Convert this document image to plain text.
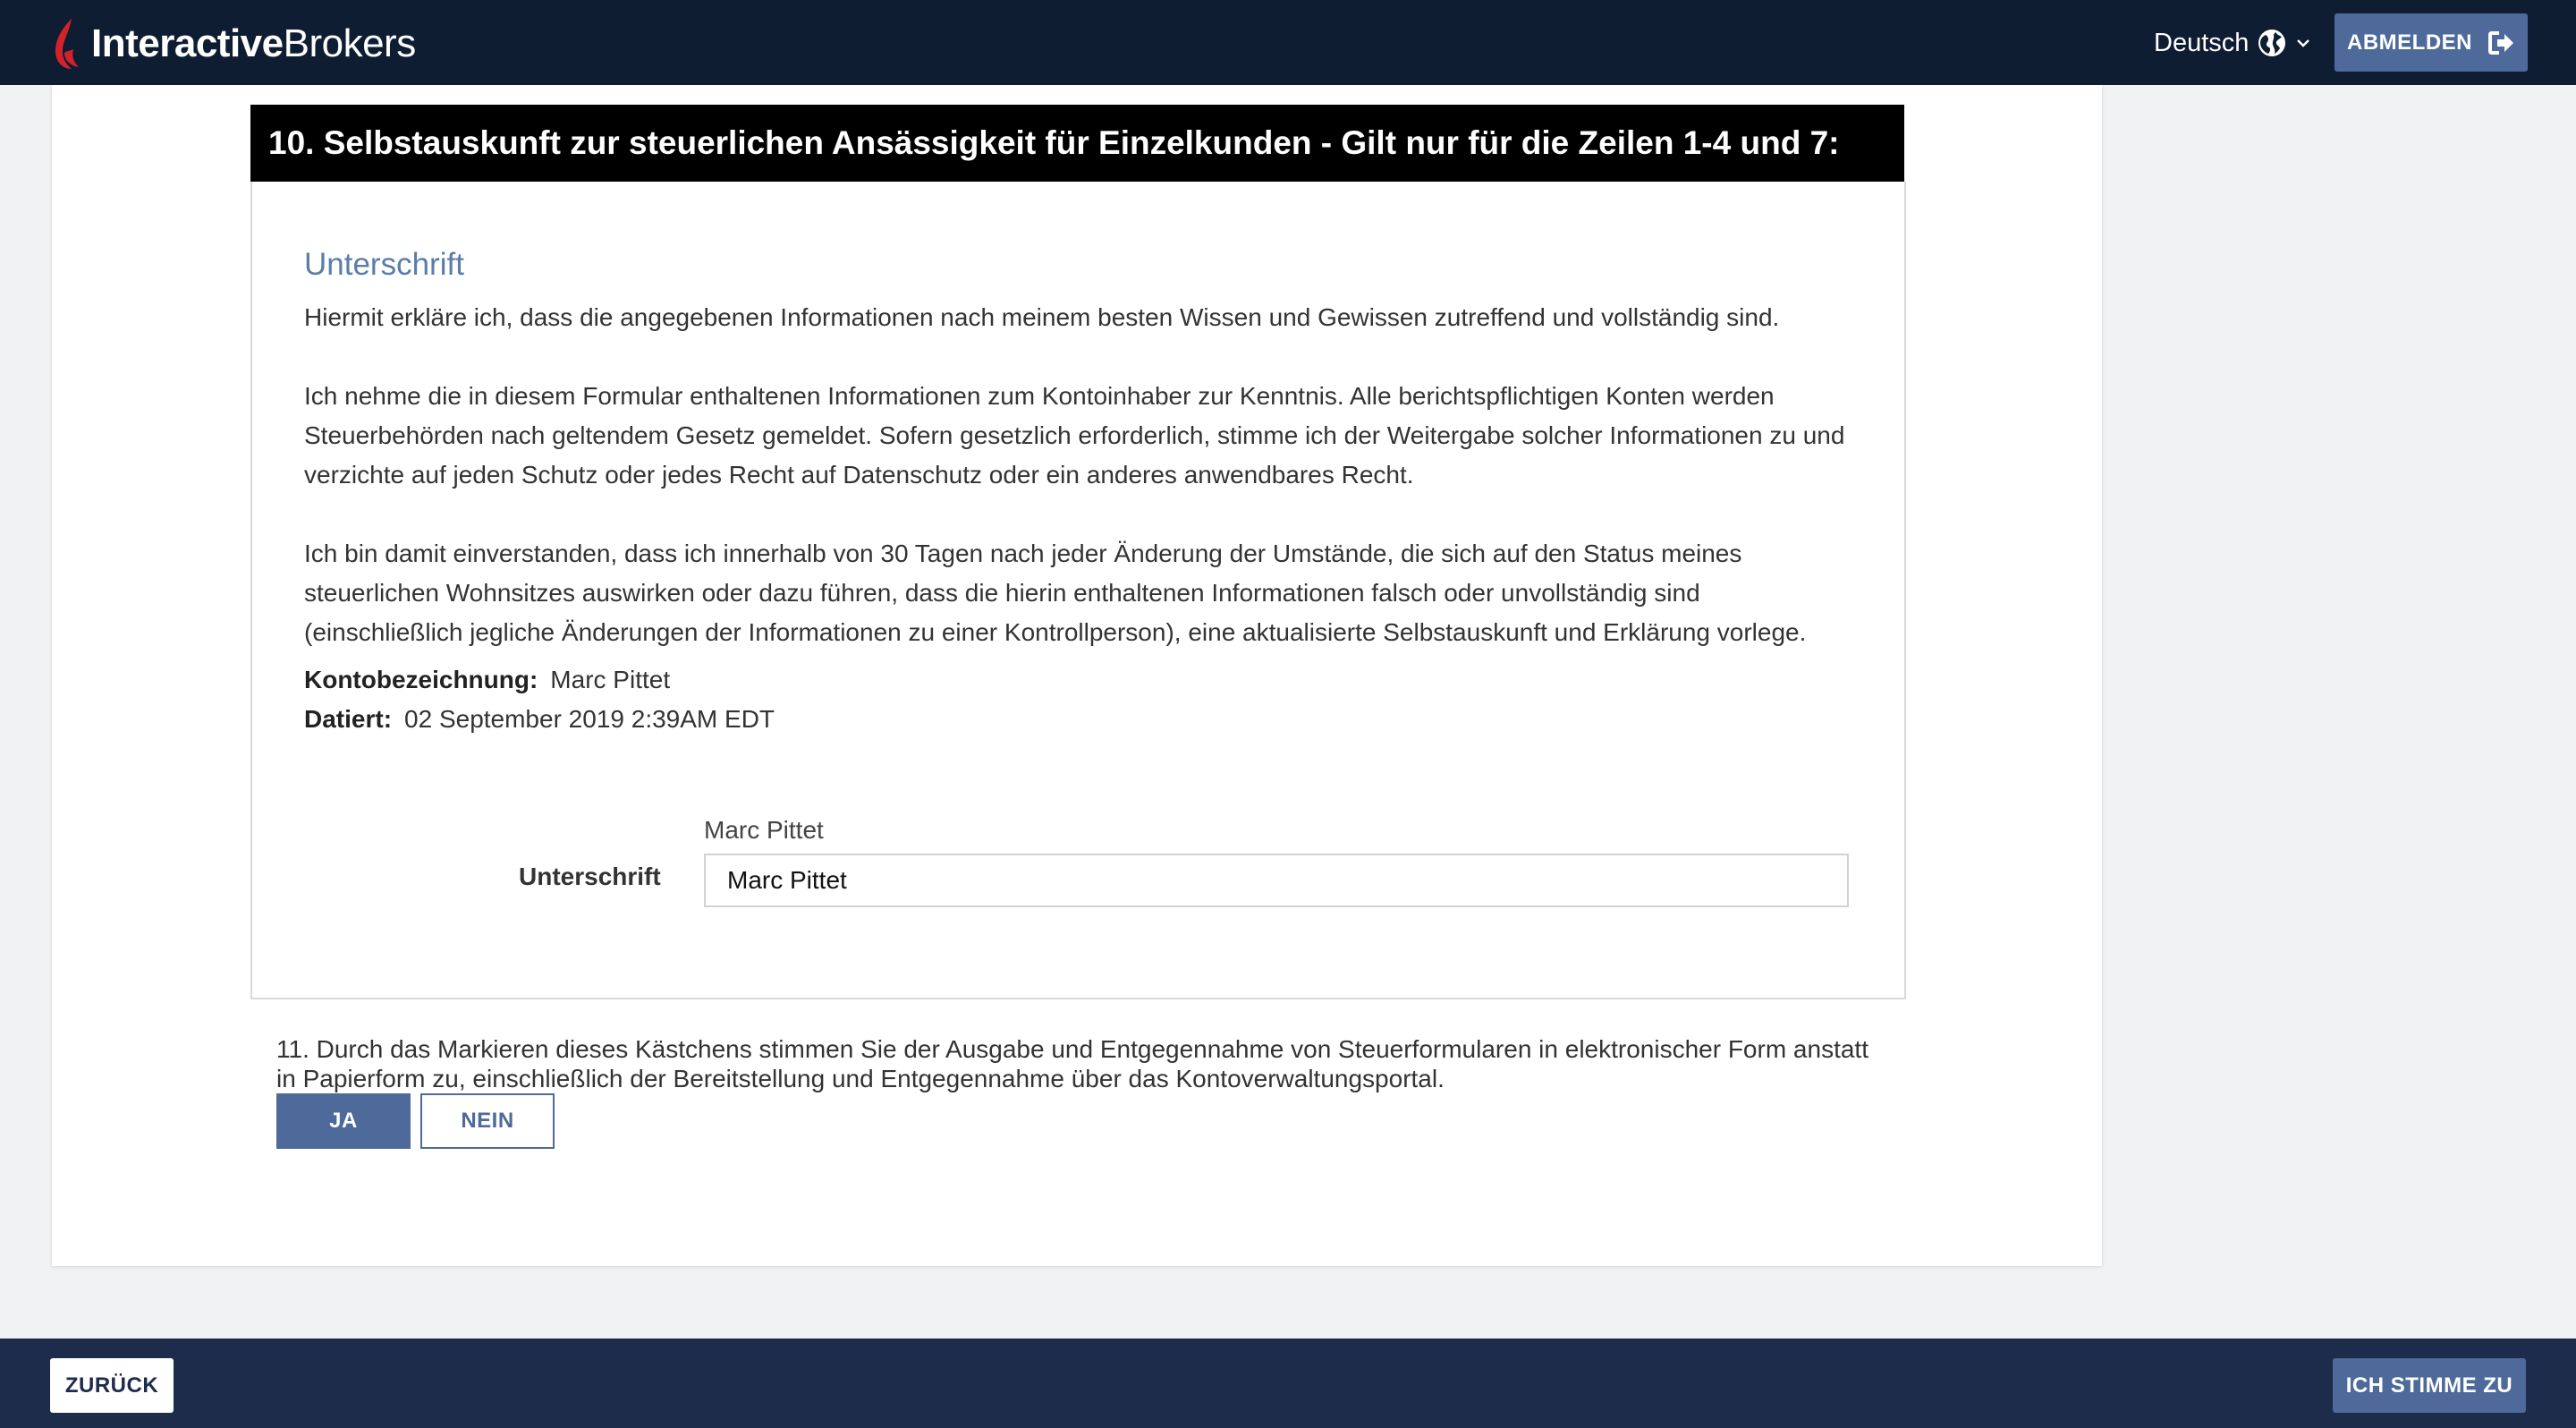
InteractiveBrokers	Deutsch	ABMELDEN
10. Selbstauskunft zur steuerlichen Ansässigkeit für Einzelkunden - Gilt nur für die Zeilen 1-4 und 7:
Unterschrift
Hiermit erkläre ich, dass die angegebenen Informationen nach meinem besten Wissen und Gewissen zutreffend und vollständig sind.
Ich nehme die in diesem Formular enthaltenen Informationen zum Kontoinhaber zur Kenntnis. Alle berichtspflichtigen Konten werden Steuerbehörden nach geltendem Gesetz gemeldet. Sofern gesetzlich erforderlich, stimme ich der Weitergabe solcher Informationen zu und verzichte auf jeden Schutz oder jedes Recht auf Datenschutz oder ein anderes anwendbares Recht.
Ich bin damit einverstanden, dass ich innerhalb von 30 Tagen nach jeder Änderung der Umstände, die sich auf den Status meines steuerlichen Wohnsitzes auswirken oder dazu führen, dass die hierin enthaltenen Informationen falsch oder unvollständig sind (einschließlich jegliche Änderungen der Informationen zu einer Kontrollperson), eine aktualisierte Selbstauskunft und Erklärung vorlege.
Kontobezeichnung: Marc Pittet
Datiert: 02 September 2019 2:39AM EDT
Marc Pittet
Unterschrift
Marc Pittet
11. Durch das Markieren dieses Kästchens stimmen Sie der Ausgabe und Entgegennahme von Steuerformularen in elektronischer Form anstatt in Papierform zu, einschließlich der Bereitstellung und Entgegennahme über das Kontoverwaltungsportal.
JA	NEIN
ZURÜCK	ICH STIMME ZU
